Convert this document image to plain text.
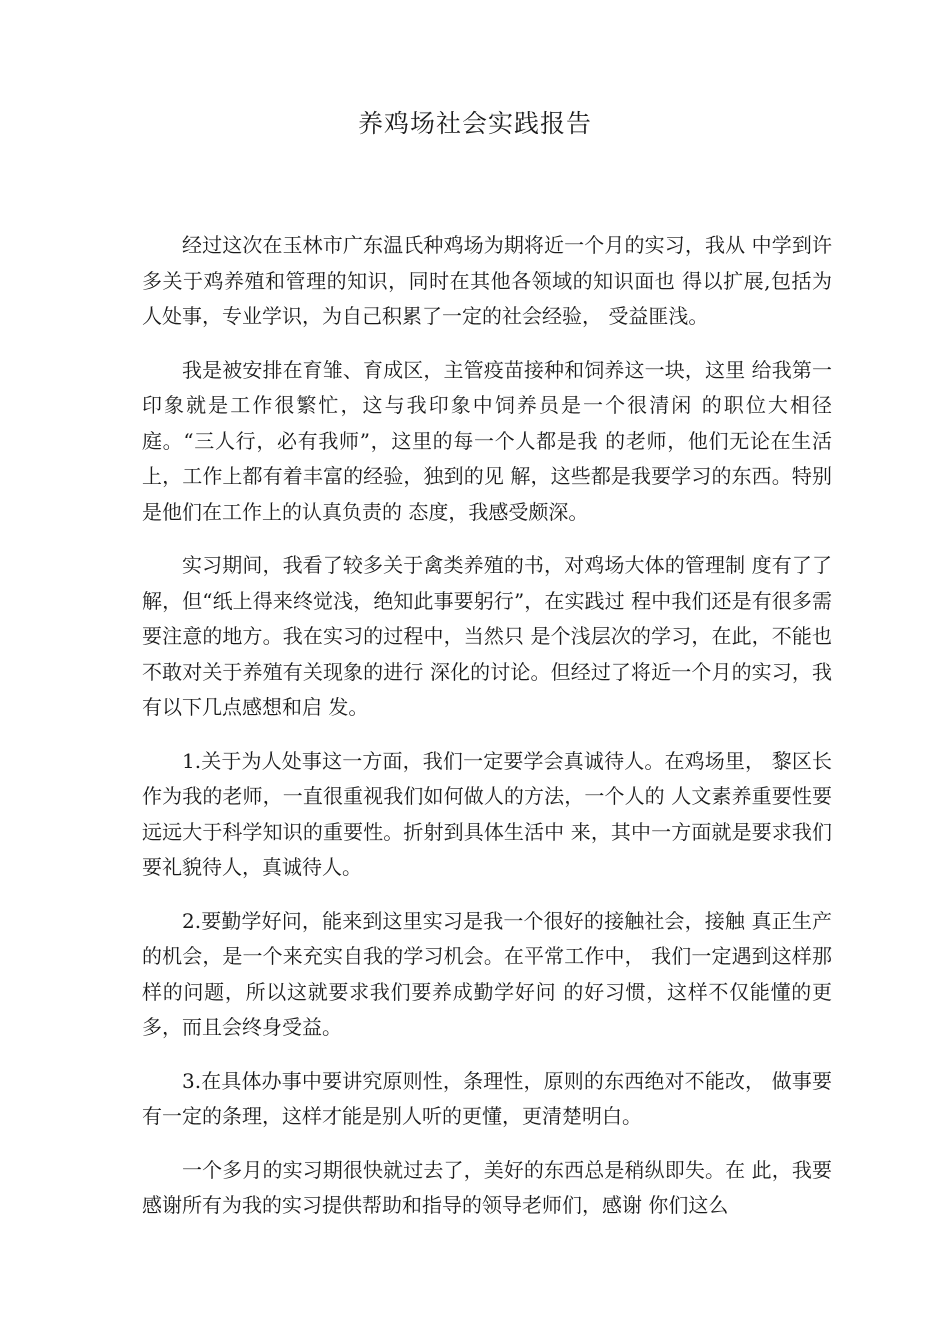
养鸡场社会实践报告

经过这次在玉林市广东温氏种鸡场为期将近一个月的实习，我从 中学到许多关于鸡养殖和管理的知识，同时在其他各领域的知识面也 得以扩展,包括为人处事，专业学识，为自己积累了一定的社会经验， 受益匪浅。

我是被安排在育雏、育成区，主管疫苗接种和饲养这一块，这里 给我第一印象就是工作很繁忙，这与我印象中饲养员是一个很清闲 的职位大相径庭。“三人行，必有我师”，这里的每一个人都是我 的老师，他们无论在生活上，工作上都有着丰富的经验，独到的见 解，这些都是我要学习的东西。特别是他们在工作上的认真负责的 态度，我感受颇深。

实习期间，我看了较多关于禽类养殖的书，对鸡场大体的管理制 度有了了解，但“纸上得来终觉浅，绝知此事要躬行”，在实践过 程中我们还是有很多需要注意的地方。我在实习的过程中，当然只 是个浅层次的学习，在此，不能也不敢对关于养殖有关现象的进行 深化的讨论。但经过了将近一个月的实习，我有以下几点感想和启 发。

1.关于为人处事这一方面，我们一定要学会真诚待人。在鸡场里， 黎区长作为我的老师，一直很重视我们如何做人的方法，一个人的 人文素养重要性要远远大于科学知识的重要性。折射到具体生活中 来，其中一方面就是要求我们要礼貌待人，真诚待人。

2.要勤学好问，能来到这里实习是我一个很好的接触社会，接触 真正生产的机会，是一个来充实自我的学习机会。在平常工作中， 我们一定遇到这样那样的问题，所以这就要求我们要养成勤学好问 的好习惯，这样不仅能懂的更多，而且会终身受益。

3.在具体办事中要讲究原则性，条理性，原则的东西绝对不能改， 做事要有一定的条理，这样才能是别人听的更懂，更清楚明白。

一个多月的实习期很快就过去了，美好的东西总是稍纵即失。在 此，我要感谢所有为我的实习提供帮助和指导的领导老师们，感谢 你们这么
